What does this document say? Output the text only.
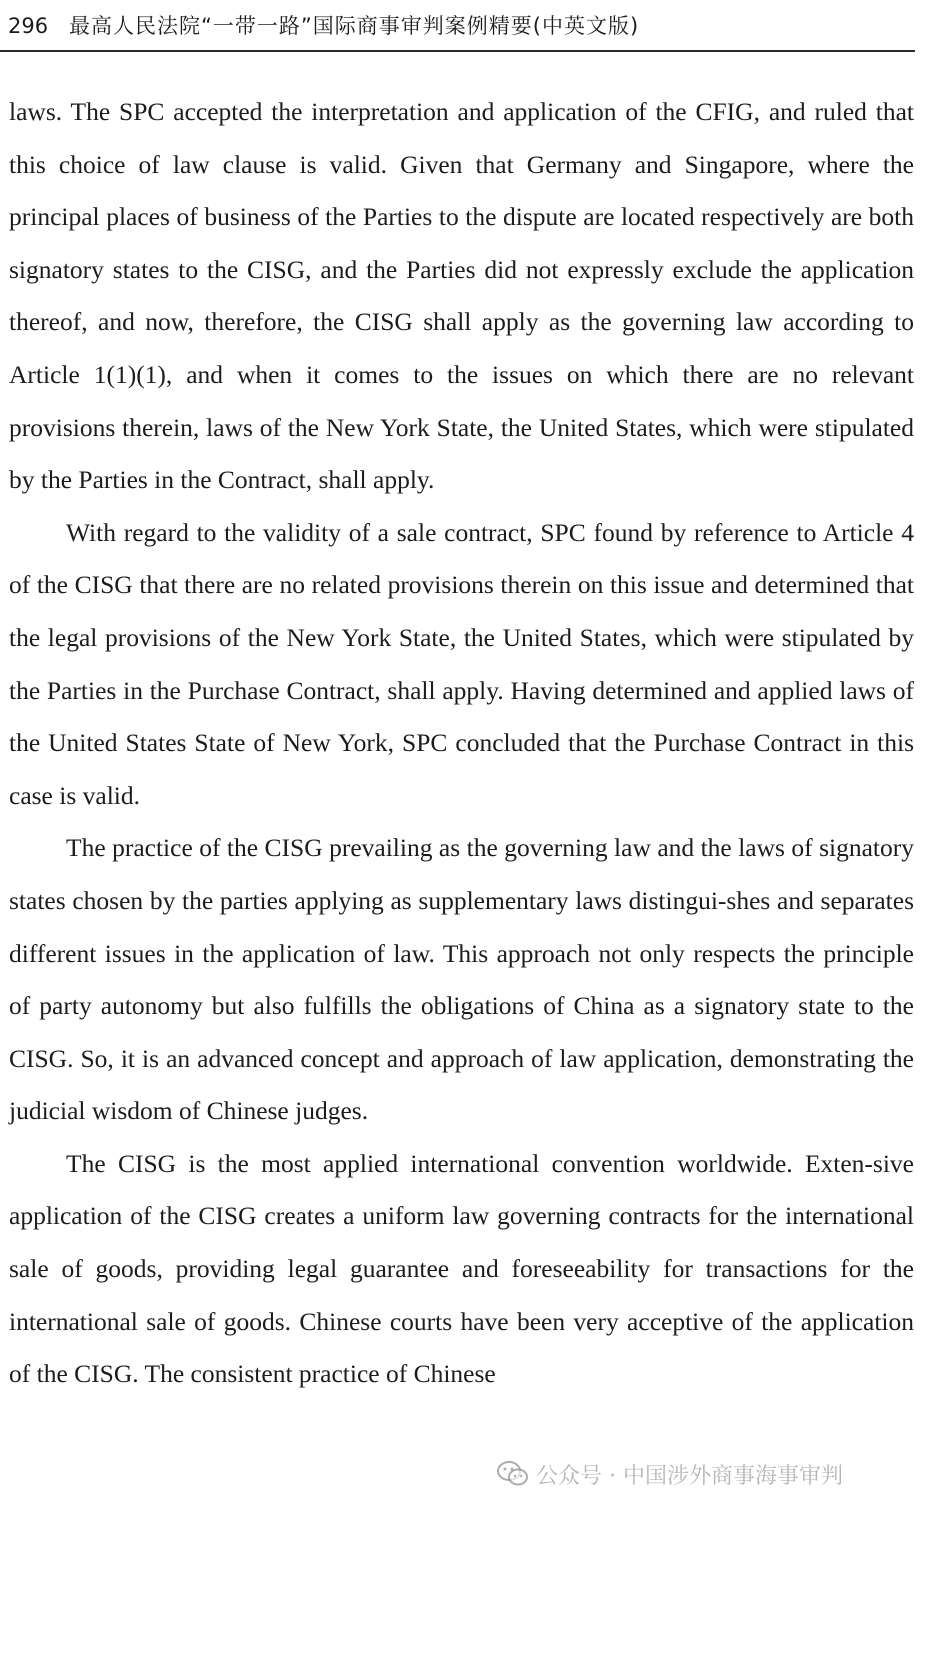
296 最高人民法院“一带一路”国际商事审判案例精要(中英文版)

laws. The SPC accepted the interpretation and application of the CFIG, and ruled that this choice of law clause is valid. Given that Germany and Singapore, where the principal places of business of the Parties to the dispute are located respectively are both signatory states to the CISG, and the Parties did not expressly exclude the application thereof, and now, therefore, the CISG shall apply as the governing law according to Article 1(1)(1), and when it comes to the issues on which there are no relevant provisions therein, laws of the New York State, the United States, which were stipulated by the Parties in the Contract, shall apply.

With regard to the validity of a sale contract, SPC found by reference to Article 4 of the CISG that there are no related provisions therein on this issue and determined that the legal provisions of the New York State, the United States, which were stipulated by the Parties in the Purchase Contract, shall apply. Having determined and applied laws of the United States State of New York, SPC concluded that the Purchase Contract in this case is valid.

The practice of the CISG prevailing as the governing law and the laws of signatory states chosen by the parties applying as supplementary laws distingui-shes and separates different issues in the application of law. This approach not only respects the principle of party autonomy but also fulfills the obligations of China as a signatory state to the CISG. So, it is an advanced concept and approach of law application, demonstrating the judicial wisdom of Chinese judges.

The CISG is the most applied international convention worldwide. Exten-sive application of the CISG creates a uniform law governing contracts for the international sale of goods, providing legal guarantee and foreseeability for transactions for the international sale of goods. Chinese courts have been very acceptive of the application of the CISG. The consistent practice of Chinese

公众号 · 中国涉外商事海事审判
